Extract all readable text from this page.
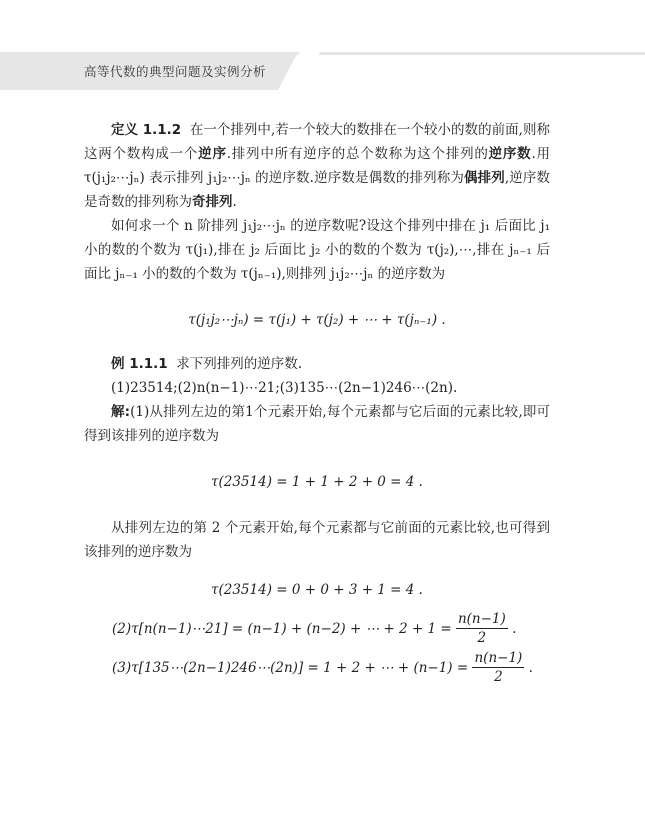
高等代数的典型问题及实例分析

定义 1.1.2 在一个排列中,若一个较大的数排在一个较小的数的前面,则称这两个数构成一个逆序.排列中所有逆序的总个数称为这个排列的逆序数.用 τ(j₁j₂⋯jₙ) 表示排列 j₁j₂⋯jₙ 的逆序数.逆序数是偶数的排列称为偶排列,逆序数是奇数的排列称为奇排列.

如何求一个 n 阶排列 j₁j₂⋯jₙ 的逆序数呢?设这个排列中排在 j₁ 后面比 j₁ 小的数的个数为 τ(j₁),排在 j₂ 后面比 j₂ 小的数的个数为 τ(j₂),⋯,排在 jₙ₋₁ 后面比 jₙ₋₁ 小的数的个数为 τ(jₙ₋₁),则排列 j₁j₂⋯jₙ 的逆序数为

τ(j₁j₂⋯jₙ) = τ(j₁) + τ(j₂) + ⋯ + τ(jₙ₋₁) .

例 1.1.1 求下列排列的逆序数.

(1)23514;(2)n(n−1)⋯21;(3)135⋯(2n−1)246⋯(2n).

解:(1)从排列左边的第1个元素开始,每个元素都与它后面的元素比较,即可得到该排列的逆序数为

τ(23514) = 1 + 1 + 2 + 0 = 4 .

从排列左边的第 2 个元素开始,每个元素都与它前面的元素比较,也可得到该排列的逆序数为

τ(23514) = 0 + 0 + 3 + 1 = 4 .

(2)τ[n(n−1)⋯21] = (n−1) + (n−2) + ⋯ + 2 + 1 =
$\frac{n(n-1)}{2}$
.
(3)τ[135⋯(2n−1)246⋯(2n)] = 1 + 2 + ⋯ + (n−1) =
$\frac{n(n-1)}{2}$
.
